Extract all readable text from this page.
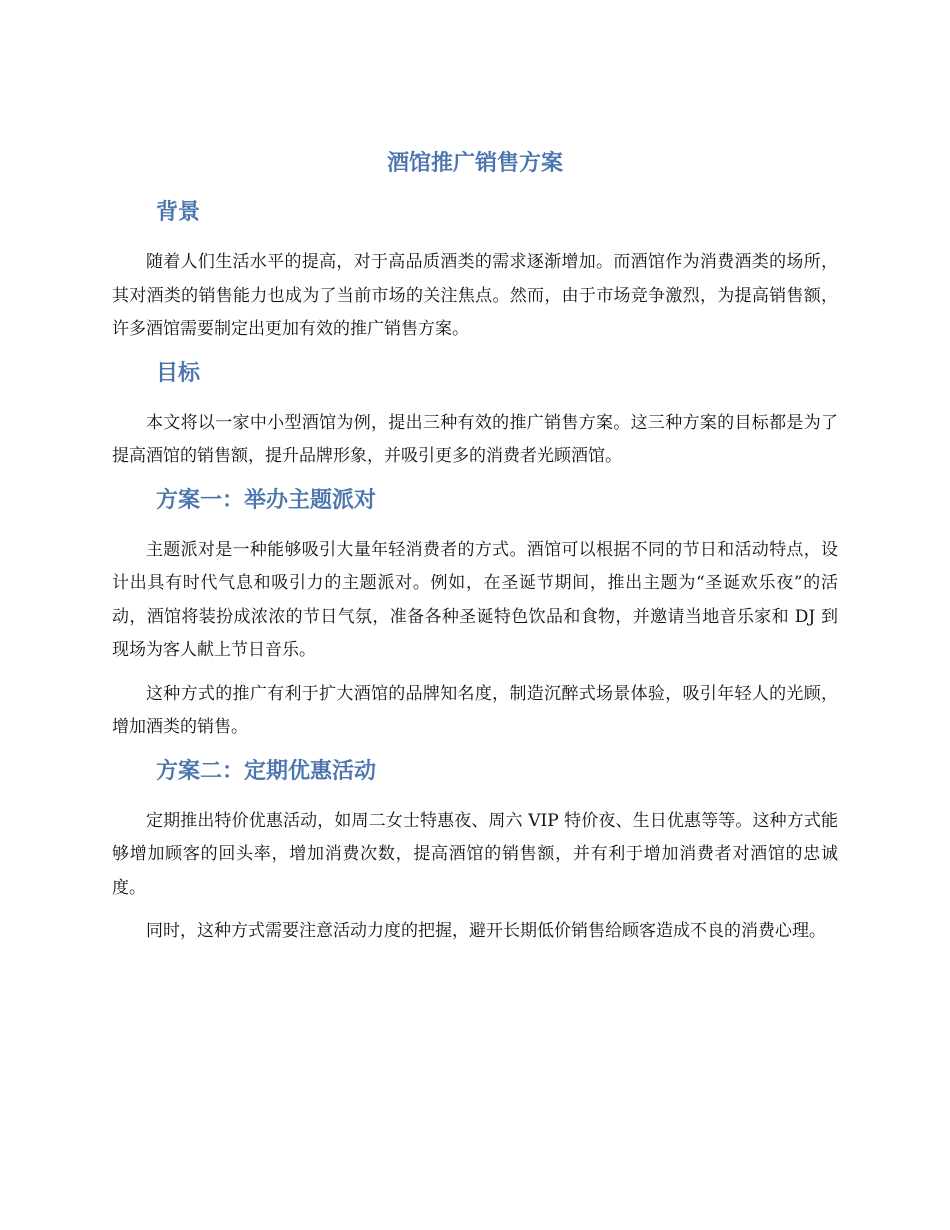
酒馆推广销售方案
背景

随着人们生活水平的提高，对于高品质酒类的需求逐渐增加。而酒馆作为消费酒类的场所，其对酒类的销售能力也成为了当前市场的关注焦点。然而，由于市场竞争激烈，为提高销售额，许多酒馆需要制定出更加有效的推广销售方案。

目标

本文将以一家中小型酒馆为例，提出三种有效的推广销售方案。这三种方案的目标都是为了提高酒馆的销售额，提升品牌形象，并吸引更多的消费者光顾酒馆。

方案一：举办主题派对

主题派对是一种能够吸引大量年轻消费者的方式。酒馆可以根据不同的节日和活动特点，设计出具有时代气息和吸引力的主题派对。例如，在圣诞节期间，推出主题为“圣诞欢乐夜”的活动，酒馆将装扮成浓浓的节日气氛，准备各种圣诞特色饮品和食物，并邀请当地音乐家和 DJ 到现场为客人献上节日音乐。

这种方式的推广有利于扩大酒馆的品牌知名度，制造沉醉式场景体验，吸引年轻人的光顾，增加酒类的销售。

方案二：定期优惠活动

定期推出特价优惠活动，如周二女士特惠夜、周六 VIP 特价夜、生日优惠等等。这种方式能够增加顾客的回头率，增加消费次数，提高酒馆的销售额，并有利于增加消费者对酒馆的忠诚度。

同时，这种方式需要注意活动力度的把握，避开长期低价销售给顾客造成不良的消费心理。
